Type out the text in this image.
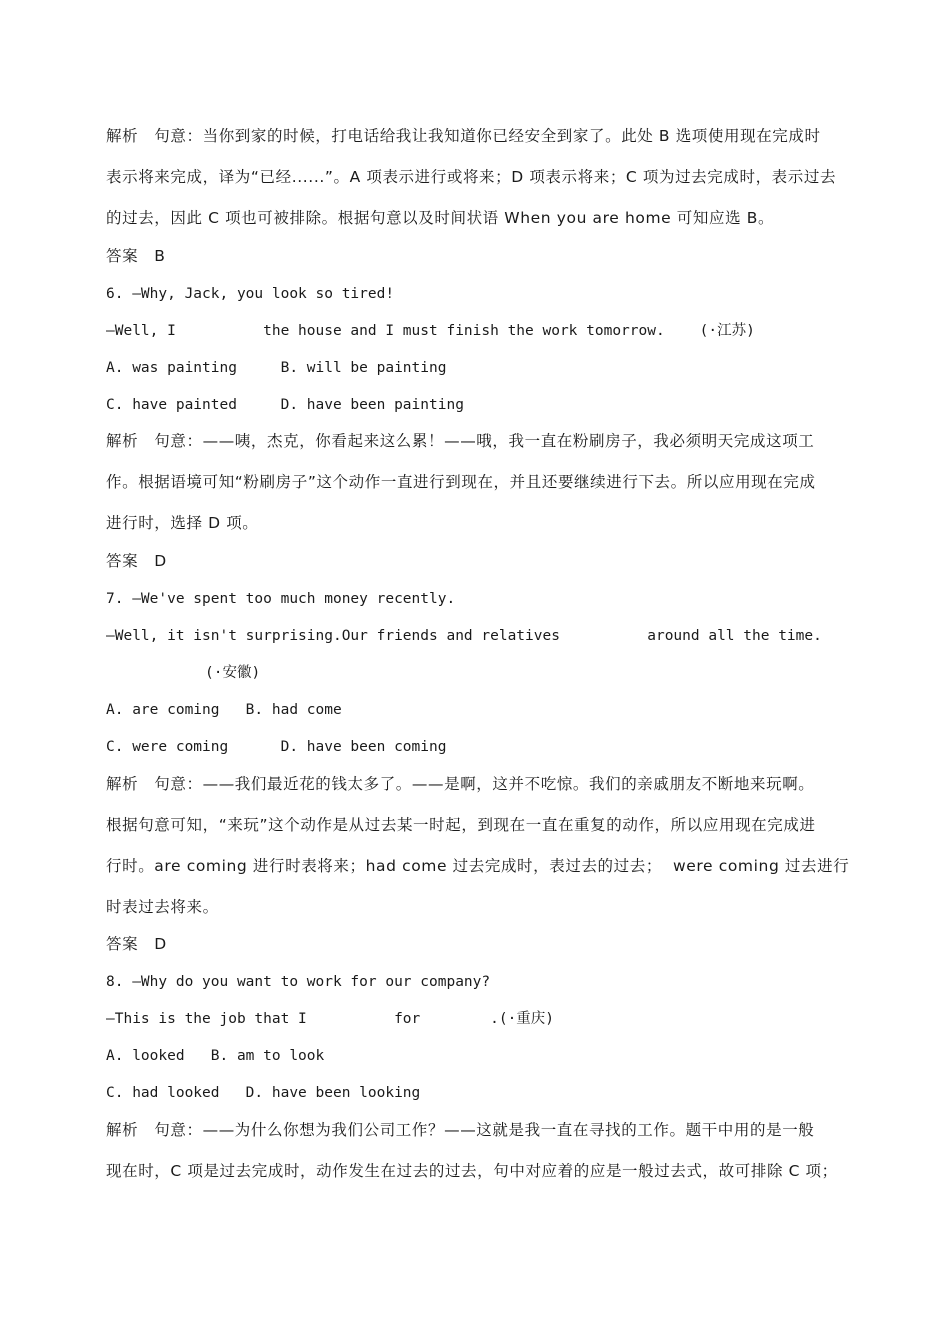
解析　句意：当你到家的时候，打电话给我让我知道你已经安全到家了。此处 B 选项使用现在完成时
表示将来完成，译为“已经......”。A 项表示进行或将来；D 项表示将来；C 项为过去完成时，表示过去
的过去，因此 C 项也可被排除。根据句意以及时间状语 When you are home 可知应选 B。
答案　B
6. —Why, Jack, you look so tired!
—Well, I          the house and I must finish the work tomorrow.    (·江苏)
A. was painting     B. will be painting
C. have painted     D. have been painting
解析　句意：——咦，杰克，你看起来这么累！——哦，我一直在粉刷房子，我必须明天完成这项工
作。根据语境可知“粉刷房子”这个动作一直进行到现在，并且还要继续进行下去。所以应用现在完成
进行时，选择 D 项。
答案　D
7. —We've spent too much money recently.
—Well, it isn't surprising.Our friends and relatives          around all the time.
(·安徽)
A. are coming   B. had come
C. were coming      D. have been coming
解析　句意：——我们最近花的钱太多了。——是啊，这并不吃惊。我们的亲戚朋友不断地来玩啊。
根据句意可知，“来玩”这个动作是从过去某一时起，到现在一直在重复的动作，所以应用现在完成进
行时。are coming 进行时表将来；had come 过去完成时，表过去的过去；  were coming 过去进行
时表过去将来。
答案　D
8. —Why do you want to work for our company?
—This is the job that I          for        .(·重庆)
A. looked   B. am to look
C. had looked   D. have been looking
解析　句意：——为什么你想为我们公司工作？——这就是我一直在寻找的工作。题干中用的是一般
现在时，C 项是过去完成时，动作发生在过去的过去，句中对应着的应是一般过去式，故可排除 C 项；
